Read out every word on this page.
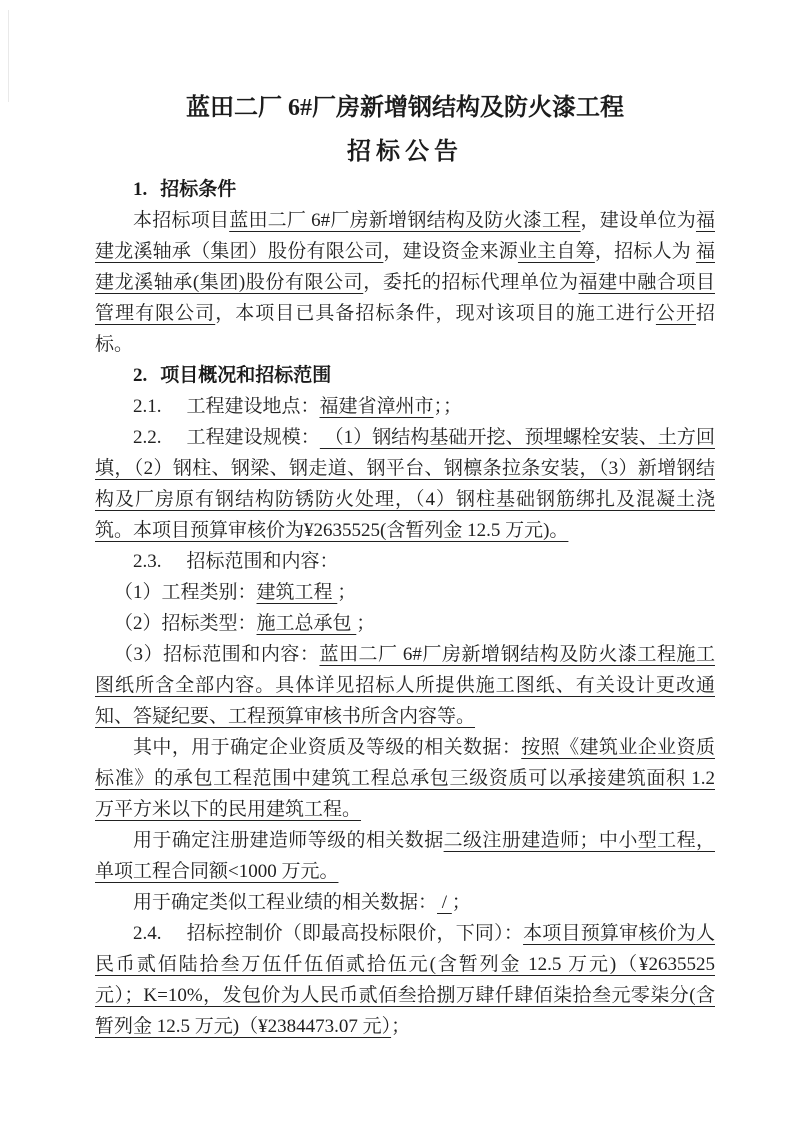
蓝田二厂 6#厂房新增钢结构及防火漆工程
招标公告

1. 招标条件

本招标项目蓝田二厂 6#厂房新增钢结构及防火漆工程，建设单位为福建龙溪轴承（集团）股份有限公司，建设资金来源业主自筹，招标人为 福建龙溪轴承(集团)股份有限公司，委托的招标代理单位为福建中融合项目管理有限公司，本项目已具备招标条件，现对该项目的施工进行公开招标。

2. 项目概况和招标范围

2.1. 工程建设地点：福建省漳州市；；

2.2. 工程建设规模： （1）钢结构基础开挖、预埋螺栓安装、土方回填，（2）钢柱、钢梁、钢走道、钢平台、钢檩条拉条安装，（3）新增钢结构及厂房原有钢结构防锈防火处理，（4）钢柱基础钢筋绑扎及混凝土浇筑。本项目预算审核价为¥2635525(含暂列金 12.5 万元)。

2.3. 招标范围和内容：

（1）工程类别：建筑工程 ；

（2）招标类型：施工总承包 ；

（3）招标范围和内容：蓝田二厂 6#厂房新增钢结构及防火漆工程施工图纸所含全部内容。具体详见招标人所提供施工图纸、有关设计更改通知、答疑纪要、工程预算审核书所含内容等。

其中，用于确定企业资质及等级的相关数据：按照《建筑业企业资质标准》的承包工程范围中建筑工程总承包三级资质可以承接建筑面积 1.2 万平方米以下的民用建筑工程。

用于确定注册建造师等级的相关数据二级注册建造师；中小型工程，单项工程合同额<1000 万元。

用于确定类似工程业绩的相关数据： / ；

2.4. 招标控制价（即最高投标限价，下同）：本项目预算审核价为人民币贰佰陆拾叁万伍仟伍佰贰拾伍元(含暂列金 12.5 万元)（¥2635525 元）；K=10%，发包价为人民币贰佰叁拾捌万肆仟肆佰柒拾叁元零柒分(含暂列金 12.5 万元)（¥2384473.07 元）；
